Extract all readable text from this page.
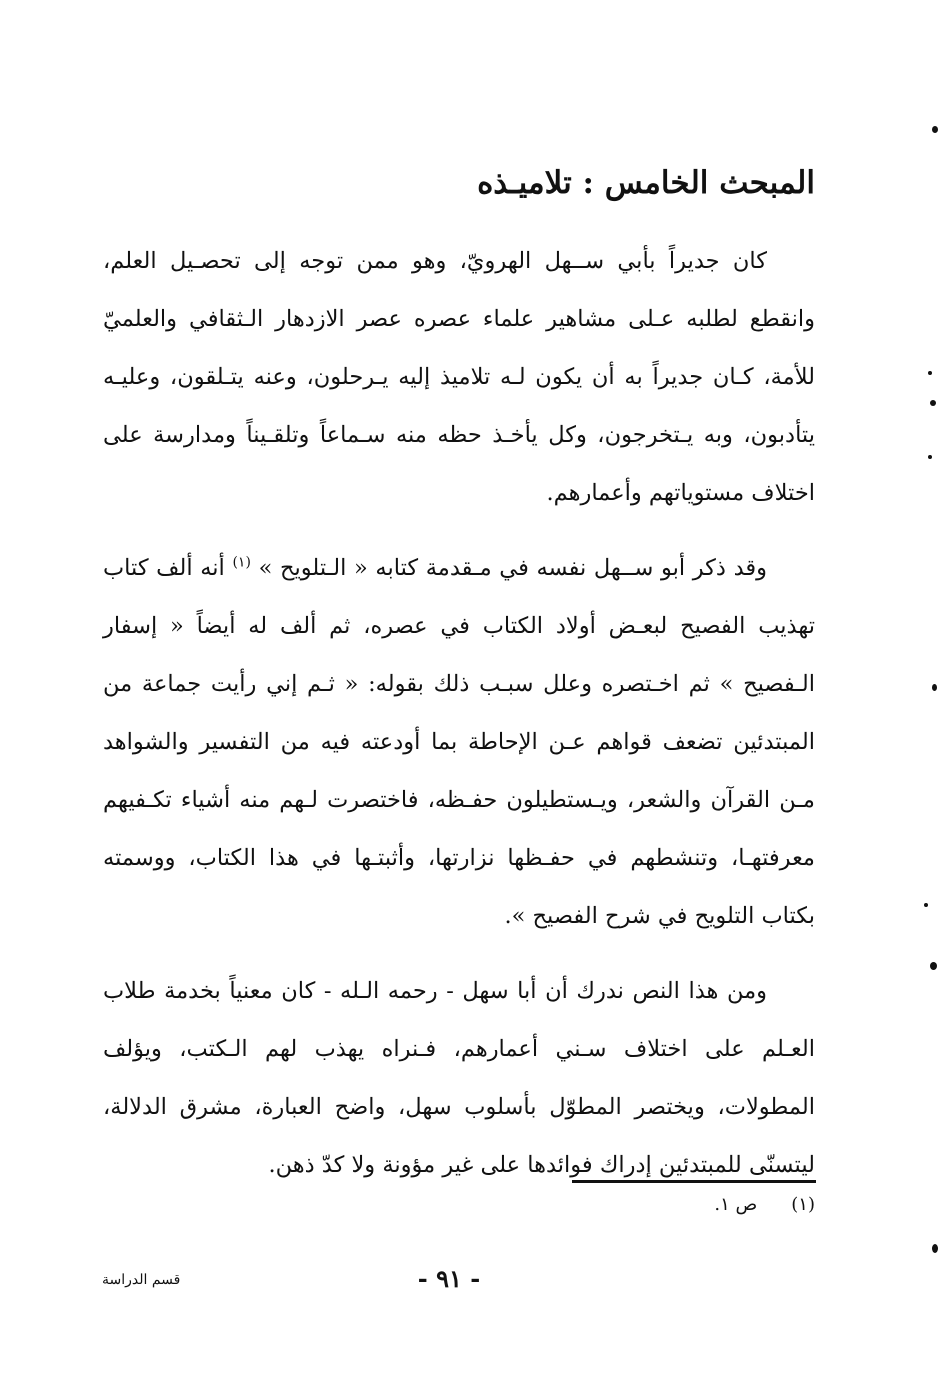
المبحث الخامس : تلاميـذه

كان جديراً بأبي ســهل الهرويّ، وهو ممن توجه إلى تحصـيل العلم، وانقطع لطلبه عـلى مشاهير علماء عصره عصر الازدهار الـثقافي والعلميّ للأمة، كـان جديراً به أن يكون لـه تلاميذ إليه يـرحلون، وعنه يتـلقون، وعليـه يتأدبون، وبه يـتخرجون، وكل يأخـذ حظه منه سـماعاً وتلقـيناً ومدارسة على اختلاف مستوياتهم وأعمارهم.

وقد ذكر أبو ســهل نفسه في مـقدمة كتابه « الـتلويح » $^{(١)}$ أنه ألف كتاب تهذيب الفصيح لبعـض أولاد الكتاب في عصره، ثم ألف له أيضاً « إسفار الـفصيح » ثم اخـتصره وعلل سبـب ذلك بقوله: « ثـم إني رأيت جماعة من المبتدئين تضعف قواهم عـن الإحاطة بما أودعته فيه من التفسير والشواهد مـن القرآن والشعر، ويـستطيلون حفـظه، فاختصرت لـهم منه أشياء تكـفيهم معرفتهـا، وتنشطهم في حفـظها نزارتها، وأثبتـها في هذا الكتاب، ووسمته بكتاب التلويح في شرح الفصيح ».

ومن هذا النص ندرك أن أبا سهل - رحمه الـله - كان معنياً بخدمة طلاب العـلم على اختلاف سـني أعمارهم، فـنراه يهذب لهم الـكتب، ويؤلف المطولات، ويختصر المطوّل بأسلوب سهل، واضح العبارة، مشرق الدلالة، ليتسنّى للمبتدئين إدراك فوائدها على غير مؤونة ولا كدّ ذهن.

(١)ص ١.
- ٩١ -
قسم الدراسة
